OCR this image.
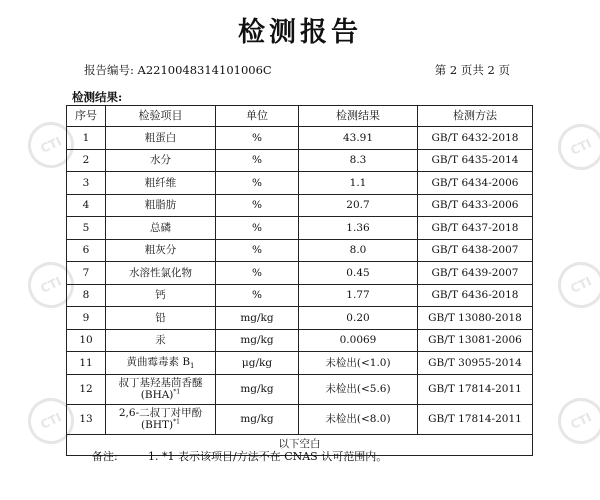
CTI	CTI
CTI	CTI
CTI	CTI
检测报告
报告编号: A2210048314101006C	第 2 页共 2 页
检测结果:
序号	检验项目	单位	检测结果	检测方法
1	粗蛋白	%	43.91	GB/T 6432-2018
2	水分	%	8.3	GB/T 6435-2014
3	粗纤维	%	1.1	GB/T 6434-2006
4	粗脂肪	%	20.7	GB/T 6433-2006
5	总磷	%	1.36	GB/T 6437-2018
6	粗灰分	%	8.0	GB/T 6438-2007
7	水溶性氯化物	%	0.45	GB/T 6439-2007
8	钙	%	1.77	GB/T 6436-2018
9	铅	mg/kg	0.20	GB/T 13080-2018
10	汞	mg/kg	0.0069	GB/T 13081-2006
11	黄曲霉毒素 $B_1$	μg/kg	未检出(<1.0)	GB/T 30955-2014
12	叔丁基羟基茴香醚
(BHA)$^{*1}$	mg/kg	未检出(<5.6)	GB/T 17814-2011
13	2,6-二叔丁对甲酚
(BHT)$^{*1}$	mg/kg	未检出(<8.0)	GB/T 17814-2011
以下空白				
备注:	1. *1 表示该项目/方法不在 CNAS 认可范围内。
